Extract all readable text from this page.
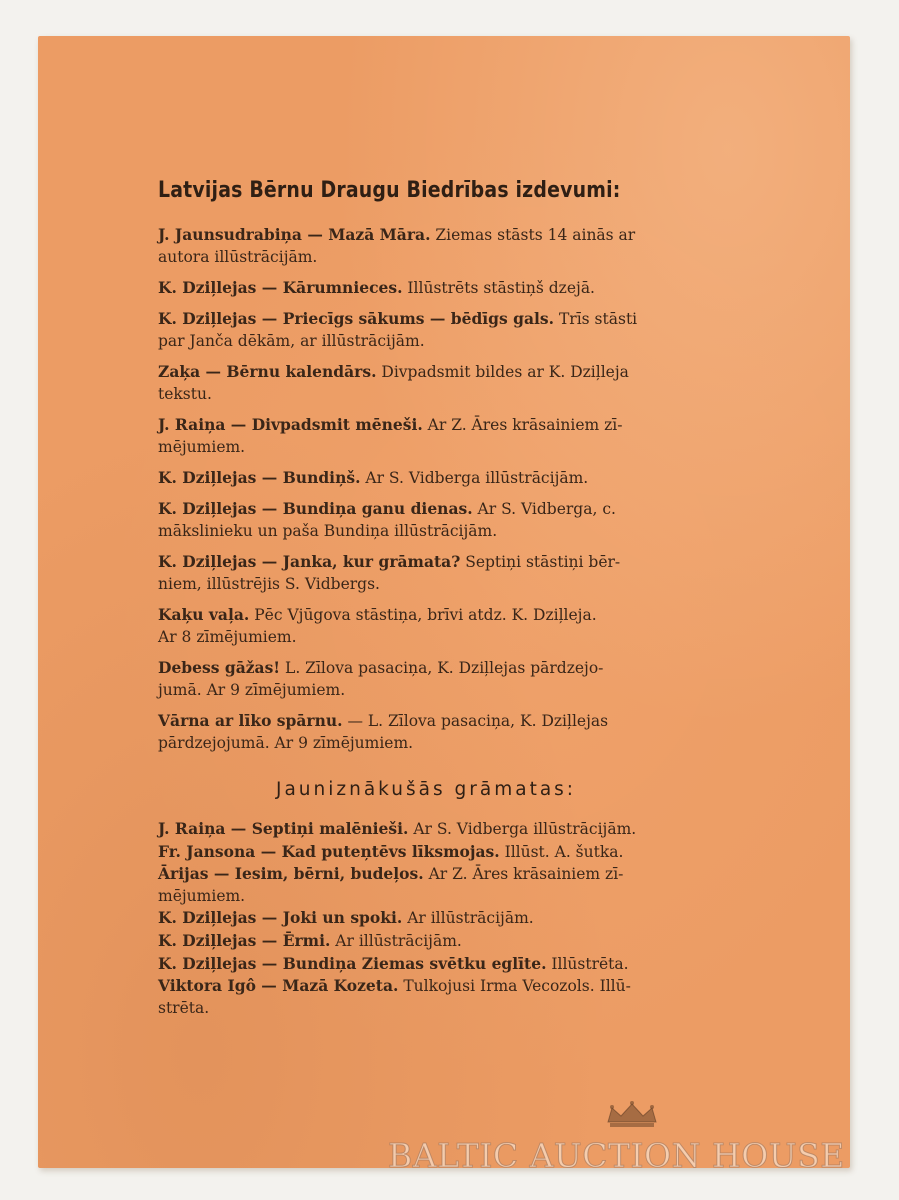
Latvijas Bērnu Draugu Biedrības izdevumi:
J. Jaunsudrabiņa — Mazā Māra. Ziemas stāsts 14 ainās ar
autora illūstrācijām.
K. Dziļlejas — Kārumnieces. Illūstrēts stāstiņš dzejā.
K. Dziļlejas — Priecīgs sākums — bēdīgs gals. Trīs stāsti
par Janča dēkām, ar illūstrācijām.
Zaķa — Bērnu kalendārs. Divpadsmit bildes ar K. Dziļleja
tekstu.
J. Raiņa — Divpadsmit mēneši. Ar Z. Āres krāsainiem zī-
mējumiem.
K. Dziļlejas — Bundiņš. Ar S. Vidberga illūstrācijām.
K. Dziļlejas — Bundiņa ganu dienas. Ar S. Vidberga, c.
mākslinieku un paša Bundiņa illūstrācijām.
K. Dziļlejas — Janka, kur grāmata? Septiņi stāstiņi bēr-
niem, illūstrējis S. Vidbergs.
Kaķu vaļa. Pēc Vjūgova stāstiņa, brīvi atdz. K. Dziļleja.
Ar 8 zīmējumiem.
Debess gāžas! L. Zīlova pasaciņa, K. Dziļlejas pārdzejo-
jumā. Ar 9 zīmējumiem.
Vārna ar līko spārnu. — L. Zīlova pasaciņa, K. Dziļlejas
pārdzejojumā. Ar 9 zīmējumiem.
Jauniznākušās grāmatas:
J. Raiņa — Septiņi malēnieši. Ar S. Vidberga illūstrācijām.
Fr. Jansona — Kad puteņtēvs līksmojas. Illūst. A. šutka.
Ārijas — Iesim, bērni, budeļos. Ar Z. Āres krāsainiem zī-
mējumiem.
K. Dziļlejas — Joki un spoki. Ar illūstrācijām.
K. Dziļlejas — Ērmi. Ar illūstrācijām.
K. Dziļlejas — Bundiņa Ziemas svētku eglīte. Illūstrēta.
Viktora Igô — Mazā Kozeta. Tulkojusi Irma Vecozols. Illū-
strēta.
BALTIC AUCTION HOUSE
